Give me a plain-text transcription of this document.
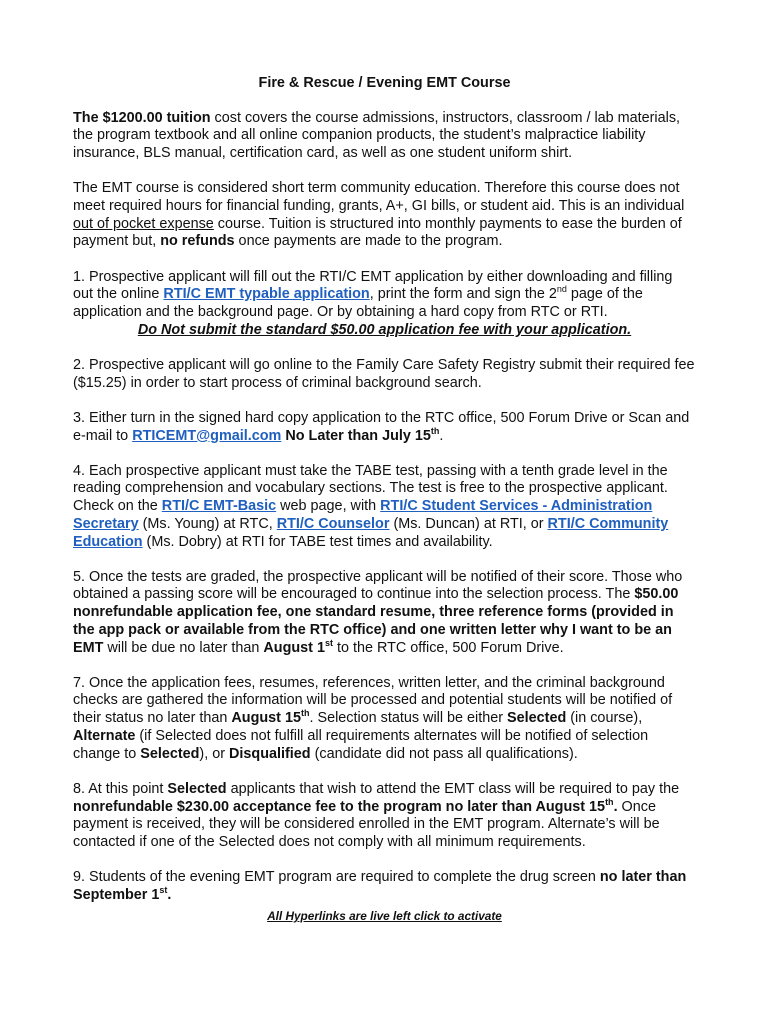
Fire & Rescue / Evening EMT Course

The $1200.00 tuition cost covers the course admissions, instructors, classroom / lab materials, the program textbook and all online companion products, the student’s malpractice liability insurance, BLS manual, certification card, as well as one student uniform shirt.

The EMT course is considered short term community education. Therefore this course does not meet required hours for financial funding, grants, A+, GI bills, or student aid. This is an individual out of pocket expense course. Tuition is structured into monthly payments to ease the burden of payment but, no refunds once payments are made to the program.

1. Prospective applicant will fill out the RTI/C EMT application by either downloading and filling out the online RTI/C EMT typable application, print the form and sign the 2nd page of the application and the background page. Or by obtaining a hard copy from RTC or RTI.
Do Not submit the standard $50.00 application fee with your application.

2. Prospective applicant will go online to the Family Care Safety Registry submit their required fee ($15.25) in order to start process of criminal background search.

3. Either turn in the signed hard copy application to the RTC office, 500 Forum Drive or Scan and e-mail to RTICEMT@gmail.com No Later than July 15th.

4. Each prospective applicant must take the TABE test, passing with a tenth grade level in the reading comprehension and vocabulary sections. The test is free to the prospective applicant. Check on the RTI/C EMT-Basic web page, with RTI/C Student Services - Administration Secretary (Ms. Young) at RTC, RTI/C Counselor (Ms. Duncan) at RTI, or RTI/C Community Education (Ms. Dobry) at RTI for TABE test times and availability.

5. Once the tests are graded, the prospective applicant will be notified of their score. Those who obtained a passing score will be encouraged to continue into the selection process. The $50.00 nonrefundable application fee, one standard resume, three reference forms (provided in the app pack or available from the RTC office) and one written letter why I want to be an EMT will be due no later than August 1st to the RTC office, 500 Forum Drive.

7. Once the application fees, resumes, references, written letter, and the criminal background checks are gathered the information will be processed and potential students will be notified of their status no later than August 15th. Selection status will be either Selected (in course), Alternate (if Selected does not fulfill all requirements alternates will be notified of selection change to Selected), or Disqualified (candidate did not pass all qualifications).

8. At this point Selected applicants that wish to attend the EMT class will be required to pay the nonrefundable $230.00 acceptance fee to the program no later than August 15th. Once payment is received, they will be considered enrolled in the EMT program. Alternate’s will be contacted if one of the Selected does not comply with all minimum requirements.

9. Students of the evening EMT program are required to complete the drug screen no later than September 1st.

All Hyperlinks are live left click to activate
